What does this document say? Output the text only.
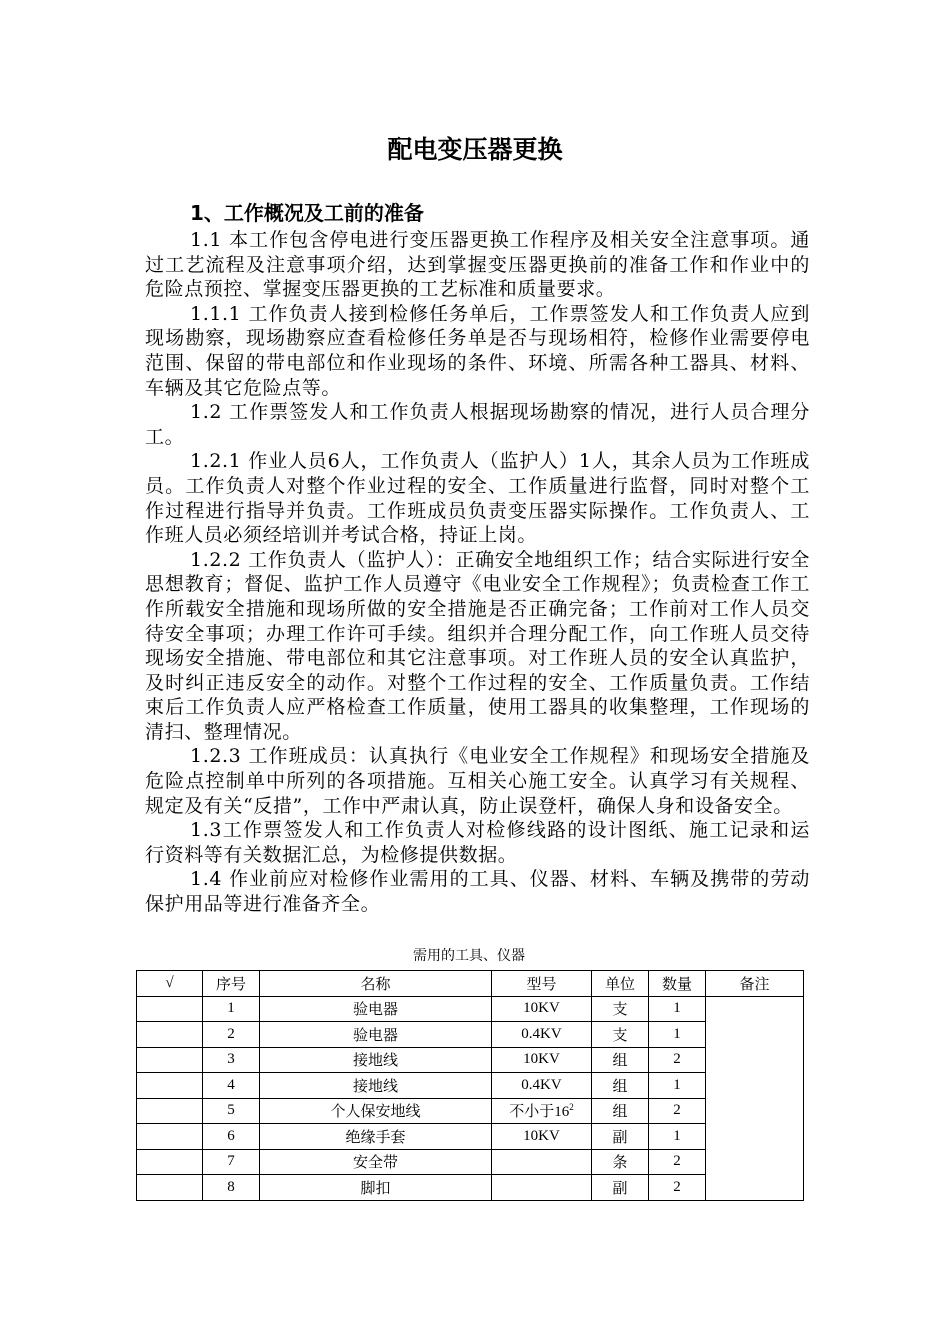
配电变压器更换
1、工作概况及工前的准备

1.1 本工作包含停电进行变压器更换工作程序及相关安全注意事项。通过工艺流程及注意事项介绍，达到掌握变压器更换前的准备工作和作业中的危险点预控、掌握变压器更换的工艺标准和质量要求。

1.1.1 工作负责人接到检修任务单后，工作票签发人和工作负责人应到现场勘察，现场勘察应查看检修任务单是否与现场相符，检修作业需要停电范围、保留的带电部位和作业现场的条件、环境、所需各种工器具、材料、车辆及其它危险点等。

1.2 工作票签发人和工作负责人根据现场勘察的情况，进行人员合理分工。

1.2.1 作业人员6人，工作负责人（监护人）1人，其余人员为工作班成员。工作负责人对整个作业过程的安全、工作质量进行监督，同时对整个工作过程进行指导并负责。工作班成员负责变压器实际操作。工作负责人、工作班人员必须经培训并考试合格，持证上岗。

1.2.2 工作负责人（监护人）：正确安全地组织工作；结合实际进行安全思想教育；督促、监护工作人员遵守《电业安全工作规程》；负责检查工作工作所载安全措施和现场所做的安全措施是否正确完备；工作前对工作人员交待安全事项；办理工作许可手续。组织并合理分配工作，向工作班人员交待现场安全措施、带电部位和其它注意事项。对工作班人员的安全认真监护，及时纠正违反安全的动作。对整个工作过程的安全、工作质量负责。工作结束后工作负责人应严格检查工作质量，使用工器具的收集整理，工作现场的清扫、整理情况。

1.2.3 工作班成员：认真执行《电业安全工作规程》和现场安全措施及危险点控制单中所列的各项措施。互相关心施工安全。认真学习有关规程、规定及有关“反措”，工作中严肃认真，防止误登杆，确保人身和设备安全。

1.3工作票签发人和工作负责人对检修线路的设计图纸、施工记录和运行资料等有关数据汇总，为检修提供数据。

1.4 作业前应对检修作业需用的工具、仪器、材料、车辆及携带的劳动保护用品等进行准备齐全。

需用的工具、仪器
√	序号	名称	型号	单位	数量	备注
	1	验电器	10KV	支	1	
	2	验电器	0.4KV	支	1	
	3	接地线	10KV	组	2	
	4	接地线	0.4KV	组	1	
	5	个人保安地线	不小于$16^2$	组	2	
	6	绝缘手套	10KV	副	1	
	7	安全带		条	2	
	8	脚扣		副	2	
